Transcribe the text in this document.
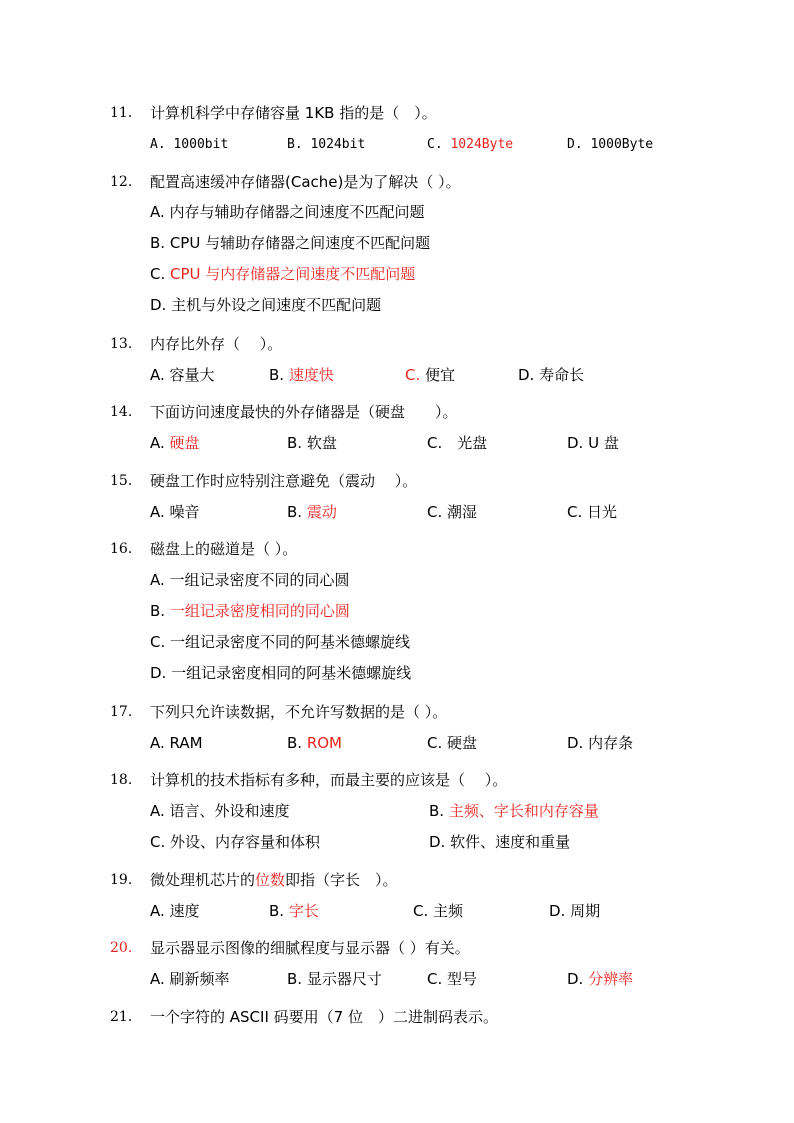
11. 计算机科学中存储容量 1KB 指的是（　）。
A. 1000bit	B. 1024bit	C. 1024Byte	D. 1000Byte
12. 配置高速缓冲存储器(Cache)是为了解决（ ）。
A. 内存与辅助存储器之间速度不匹配问题
B. CPU 与辅助存储器之间速度不匹配问题
C. CPU 与内存储器之间速度不匹配问题
D. 主机与外设之间速度不匹配问题
13. 内存比外存（　 ）。
A. 容量大	B. 速度快	C. 便宜	D. 寿命长
14. 下面访问速度最快的外存储器是（硬盘　　）。
A. 硬盘	B. 软盘	C.　光盘	D. U 盘
15. 硬盘工作时应特别注意避免（震动　 ）。
A. 噪音	B. 震动	C. 潮湿	C. 日光
16. 磁盘上的磁道是（ ）。
A. 一组记录密度不同的同心圆
B. 一组记录密度相同的同心圆
C. 一组记录密度不同的阿基米德螺旋线
D. 一组记录密度相同的阿基米德螺旋线
17. 下列只允许读数据，不允许写数据的是（ ）。
A. RAM	B. ROM	C. 硬盘	D. 内存条
18. 计算机的技术指标有多种，而最主要的应该是（　 ）。
A. 语言、外设和速度	B. 主频、字长和内存容量
C. 外设、内存容量和体积	D. 软件、速度和重量
19. 微处理机芯片的位数即指（字长　）。
A. 速度	B. 字长	C. 主频	D. 周期
20. 显示器显示图像的细腻程度与显示器（ ）有关。
A. 刷新频率	B. 显示器尺寸	C. 型号	D. 分辨率
21. 一个字符的 ASCII 码要用（7 位　）二进制码表示。
